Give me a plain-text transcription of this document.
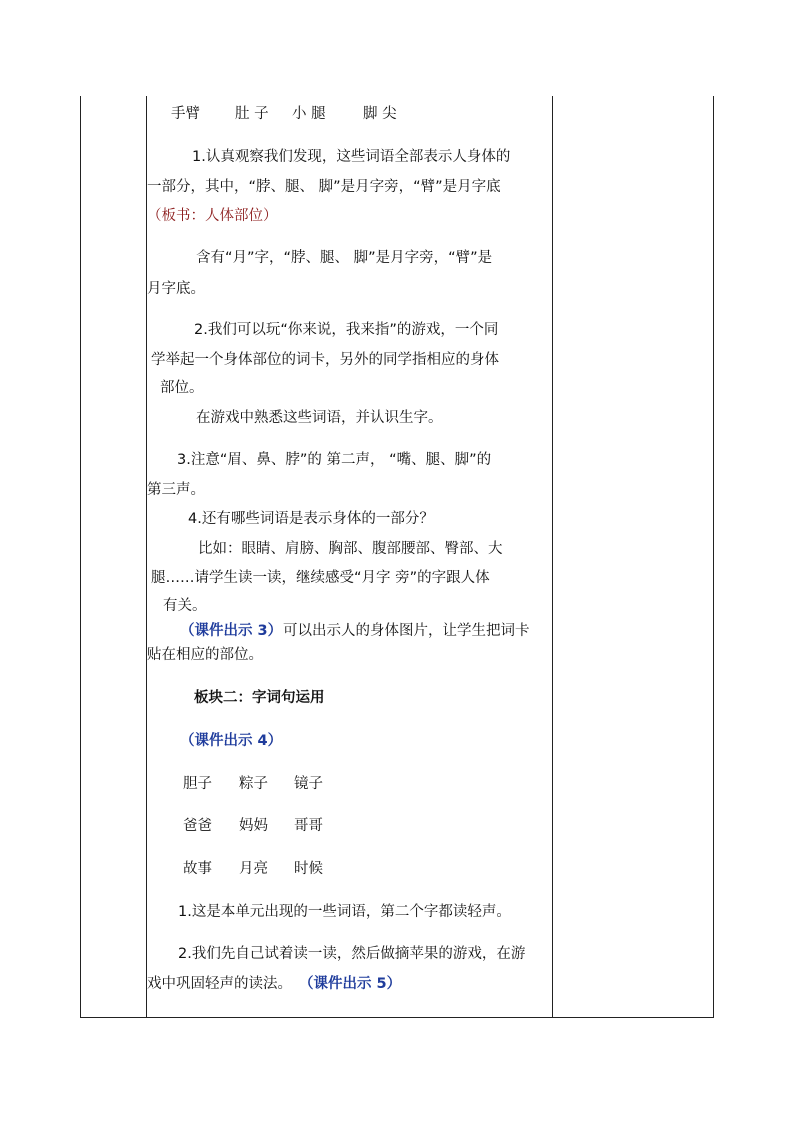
手臂 肚 子 小 腿	脚 尖
1.认真观察我们发现，这些词语全部表示人身体的
一部分，其中，“脖、腿、 脚”是月字旁，“臂”是月字底
（板书：人体部位）
含有“月”字，“脖、腿、 脚”是月字旁，“臂”是
月字底。
2.我们可以玩“你来说，我来指”的游戏，一个同
学举起一个身体部位的词卡，另外的同学指相应的身体
部位。
在游戏中熟悉这些词语，并认识生字。
3.注意“眉、鼻、脖”的 第二声， “嘴、腿、脚”的
第三声。
4.还有哪些词语是表示身体的一部分？
比如：眼睛、肩膀、胸部、腹部腰部、臀部、大
腿……请学生读一读，继续感受“月字 旁”的字跟人体
有关。
（课件出示 3） 可以出示人的身体图片，让学生把词卡
贴在相应的部位。
板块二：字词句运用
（课件出示 4）
胆子 粽子 镜子
爸爸 妈妈 哥哥
故事 月亮 时候
1.这是本单元出现的一些词语，第二个字都读轻声。
2.我们先自己试着读一读，然后做摘苹果的游戏，在游
戏中巩固轻声的读法。 （课件出示 5）
